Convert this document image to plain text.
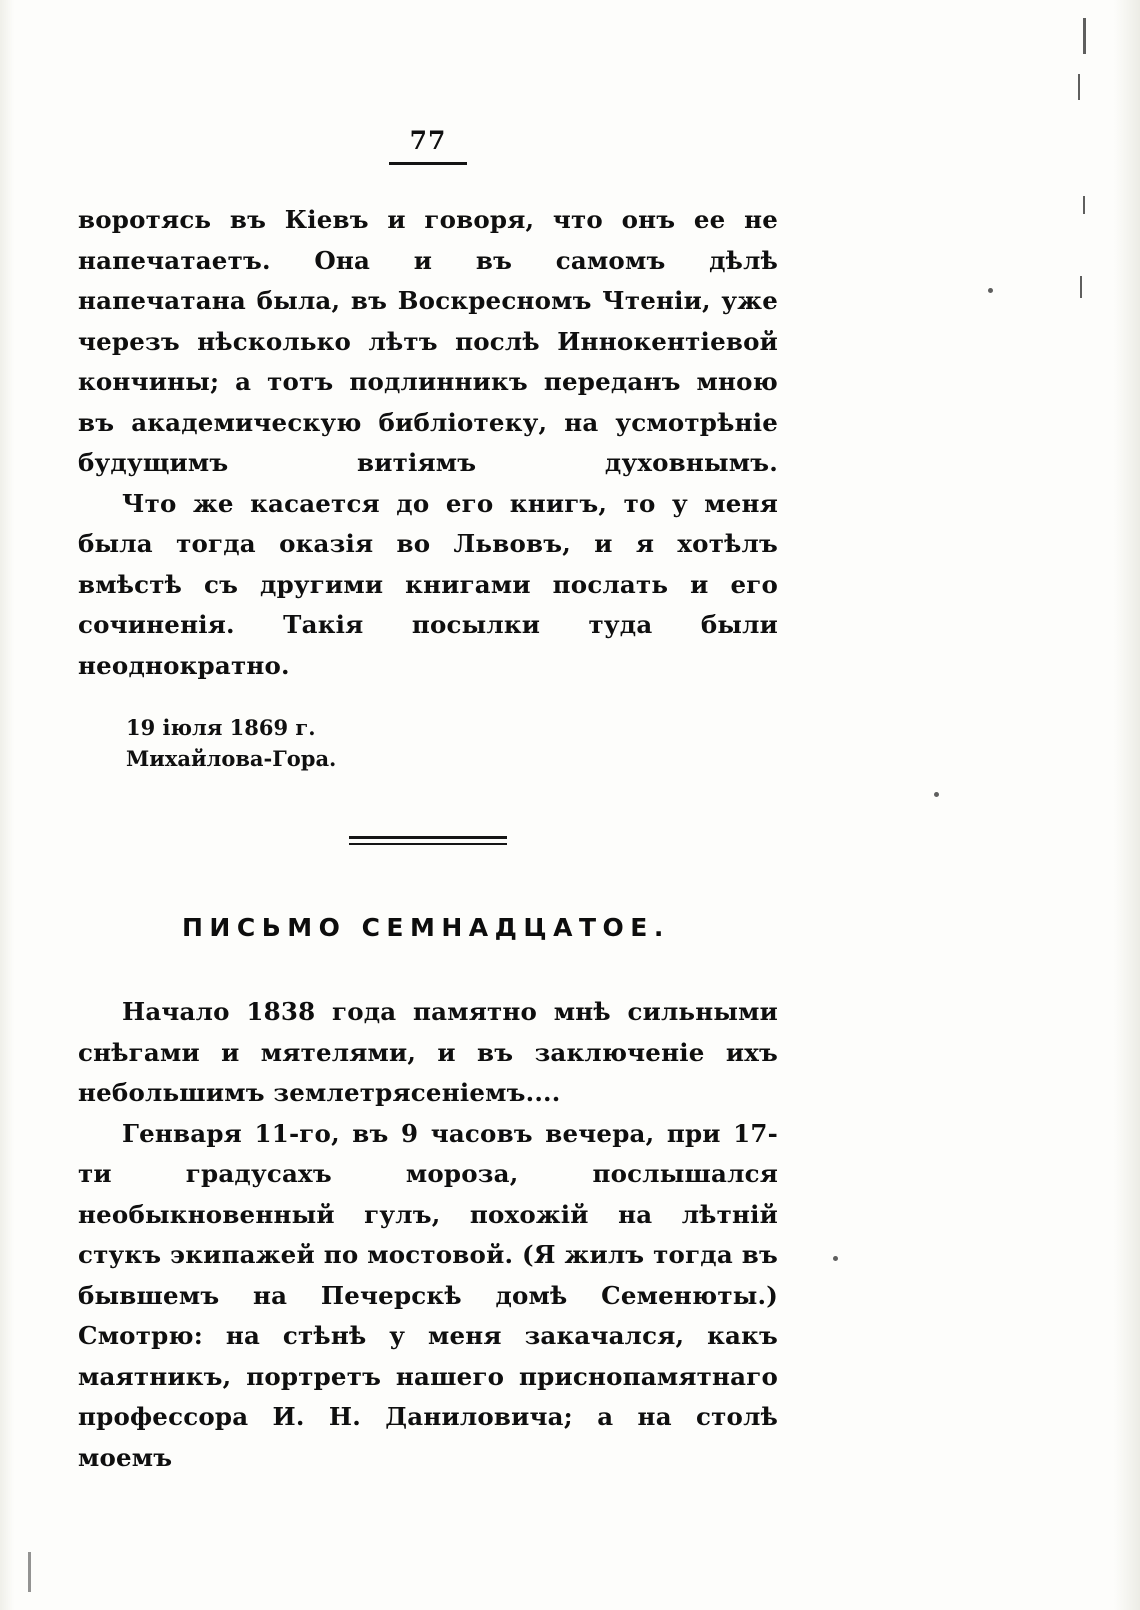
77

воротясь въ Кіевъ и говоря, что онъ ее не напечатаетъ. Она и въ самомъ дѣлѣ напечатана была, въ Воскресномъ Чтеніи, уже черезъ нѣсколько лѣтъ послѣ Иннокентіевой кончины; а тотъ подлинникъ переданъ мною въ академическую библіотеку, на усмотрѣніе будущимъ витіямъ духовнымъ.

Что же касается до его книгъ, то у меня была тогда оказія во Львовъ, и я хотѣлъ вмѣстѣ съ другими книгами послать и его сочиненія. Такія посылки туда были неоднократно.

19 іюля 1869 г.
Михайлова-Гора.
ПИСЬМО СЕМНАДЦАТОЕ.

Начало 1838 года памятно мнѣ сильными снѣгами и мятелями, и въ заключеніе ихъ небольшимъ землетрясеніемъ....

Генваря 11-го, въ 9 часовъ вечера, при 17-ти градусахъ мороза, послышался необыкновенный гулъ, похожій на лѣтній стукъ экипажей по мостовой. (Я жилъ тогда въ бывшемъ на Печерскѣ домѣ Семенюты.) Смотрю: на стѣнѣ у меня закачался, какъ маятникъ, портретъ нашего приснопамятнаго профессора И. Н. Даниловича; а на столѣ моемъ
